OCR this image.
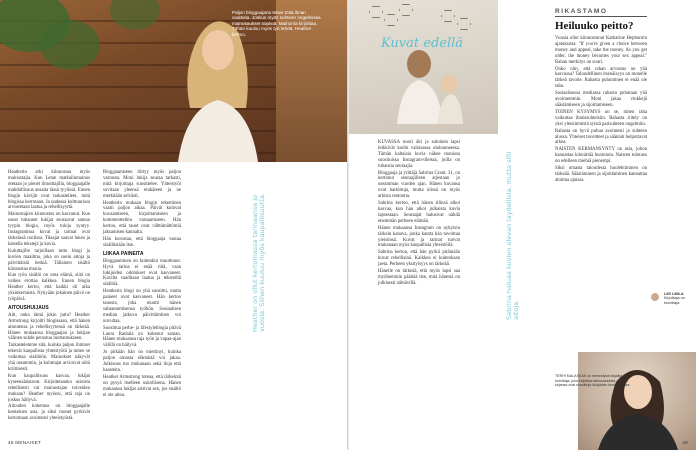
Paljon bloggaajana tekee töitä ilman vaatteita. Joskus myös suhteen ongelmissa mainosaukset sopivat. Mainonta kirjoittaa. Tähän kuuluu myös työ tehdä. Heather kertoo.

Heatherin arki kiinnostaa myös mainostajia. Kun Letan matkailumainos otetaan jo pienet ilmoittajilla, bloggaajalle mahdollisuus ansaita tässä tyylissä. Ennen blogin kävijät ovat tarkastelleet, mitä blogissa kerrotaan. Ja uudessa kulttuurissa arvostetaan laatua ja rehellisyyttä.

Mainostajien kiinnostus on kasvanut. Kun useat tuhannet lukijat seuraavat saman tyypin blogia, myös tuloja syntyy. Instagramissa kuvat ja tarinat ovat tärkeässä roolissa. Tilaajat saavat lukea ja katsella tekstejä ja kuvia.

Kuluttajille tarjoillaan tuttu blogi ja kuvien maailma, joka on usein aitoja ja päivittäisiä hetkiä. Tällainen sisältö kiinnostaa monia.

Kun työn sisältö on oma elämä, siitä on vaikea erottaa kaikkea. Ennen blogia Heather kertoi, että kaikki oli aika yksinkertaista. Nykyään jokainen päivä on työpäivä.

AITOUSHUIJAUS

Aiti, onko tämä jokin juttu? Heather Armstrong kirjoitti blogissaan, että hänen aitoutensa ja rehellisyytensä on tärkeää. Hänen mukaansa bloggaajan ja lukijan välinen suhde perustuu luottamukseen.

Tarkastelemme sitä, kuinka paljon ihmiset tekevät kaupallista yhteistyötä ja miten se vaikuttaa sisältöön. Mainokset näkyvät yhä useammin, ja kuluttajat arvioivat niitä kriittisesti.

Kun kaupallisuus kasvaa, lukijat kyseenalaistavat. Kirjoitetaanko asioista rehellisesti vai mainostajan toiveiden mukaan? Heather myönsi, että raja on joskus häilyvä.

Aitouden kokemus on bloggaajalle keskeinen asia, ja siksi monet pyrkivät kertomaan avoimesti yhteistyöstä.

Bloggaamiseen liittyy myös paljon vastuuta. Moni lukija seuraa tarkasti, mitä kirjoittaja suosittelee. Yhteistyöt sovitaan yleensä etukäteen ja ne merkitään selvästi.

Heatherin mukaan blogin tekeminen vaatii paljon aikaa. Päivät kuluvat kuvaamiseen, kirjoittamiseen ja kommentteihin vastaamiseen. Hän kertoo, että tauot ovat välttämättömiä jaksamisen kannalta.

Hän korostaa, että bloggaaja vastaa sisällöstään itse.

LIIKAA PAINEITA

Bloggaaminen on kuitenkin muuttunut. Hyvä tarina ei enää riitä, vaan lukijoiden odotukset ovat kasvaneet. Kuvilta vaaditaan laatua ja teksteiltä sisältöä.

Heatherin blogi on yhä suosittu, mutta paineet ovat kasvaneet. Hän kertoo tauosta, joka muutti hänen suhtautumisensa työhön. Sosiaalisen median jatkuva päivittäminen voi uuvuttaa.

Suosittua perhe- ja lifestyleblogia pitävä Laura Rantala on kokenut saman. Hänen mukaansa raja työn ja vapaa-ajan välillä on häilyvä.

Jo pitkään hän on miettinyt, kuinka paljon omasta elämästä voi jakaa. Julkisuus tuo mukanaan sekä iloja että haasteita.

Heather Armstrong toteaa, että tärkeintä on pysyä itselleen uskollisena. Hänen mukaansa lukijat aistivat sen, jos sisältö ei ole aitoa.

Heather on ollut kertomassa tarinaansa jo vuosia. Siihen kuuluu myös kaupallisuutta.
48 MENAISET
Kuvat edellä

KUVASSA nuori äiti ja suloinen lapsi leikkivät kodin valoisassa olohuoneessa. Tämän kaltaisia kuvia näkee monissa suosituissa Instagram-tileissä, joilla on tuhansia seuraajia.

Bloggaaja ja yrittäjä Sabrina Grant, 31, on kertonut seuraajilleen arjestaan jo useamman vuoden ajan. Hänen kuvansa ovat harkittuja, mutta niissä on myös arkista rentoutta.

Sabrina kertoo, että hänen tilinsä alkoi kasvaa, kun hän alkoi julkaista kuvia lapsestaan. Seuraajat halusivat nähdä enemmän perheen elämää.

Hänen mukaansa Instagram on nykyisin tärkein kanava, jonka kautta hän tavoittaa yleisönsä. Kuvat ja tarinat tuovat mukanaan myös kaupallisia yhteistöitä.

Sabrina kertoo, että hän pyrkii pitämään kuvat rehellisinä. Kaikkea ei kuitenkaan jaeta. Perheen yksityisyys on tärkeää.

Hänelle on tärkeää, että myös lapsi saa myöhemmin päättää itse, mitä hänestä on julkisesti nähtävillä.	Sabrina haluaa kuvien olevan taydellisia, mutta silti aitoja.
RIKASTAMO
Heiluuko peitto?

Vuosia ollut kiinnostunut Katharine Hepburnin ajatuksista: "If you're given a choice between money and appeal, take the money. As you get older, the money becomes your sex appeal." Rahan merkitys on suuri.

Onko niin, että rahan arvostus on yhä kasvussa? Taloudellinen itsenäisyys on monelle tärkeä tavoite. Rahasta puhuminen ei enää ole tabu.

Sosiaalisessa mediassa rahasta puhutaan yhä avoimemmin. Moni jakaa vinkkejä säästämiseen ja sijoittamiseen.

TOINEN KYSYMYS on se, miten raha vaikuttaa ihmissuhteisiin. Rahasta riitely on yksi yleisimmistä syistä parisuhteen ongelmiin.

Rahasta on hyvä puhua avoimesti jo suhteen alussa. Yhteiset tavoitteet ja säännöt helpottavat arkea.

NAISTEN KERMANSYNTY on asia, johon kannattaa kiinnittää huomiota. Naisten tulotaso on edelleen miehiä pienempi.

Siksi omasta taloudesta huolehtiminen on tärkeää. Säästäminen ja sijoittaminen kannattaa aloittaa ajoissa.

LIIS LIMLA
Kirjoittaja on toimittaja.
TERHI MALASILMI on menestyvä kirjailija ja toimittaja, joka kirjoittaa talousasioista. Hänen kirjansa ovat suosittuja lukijoiden keskuudessa.
49
